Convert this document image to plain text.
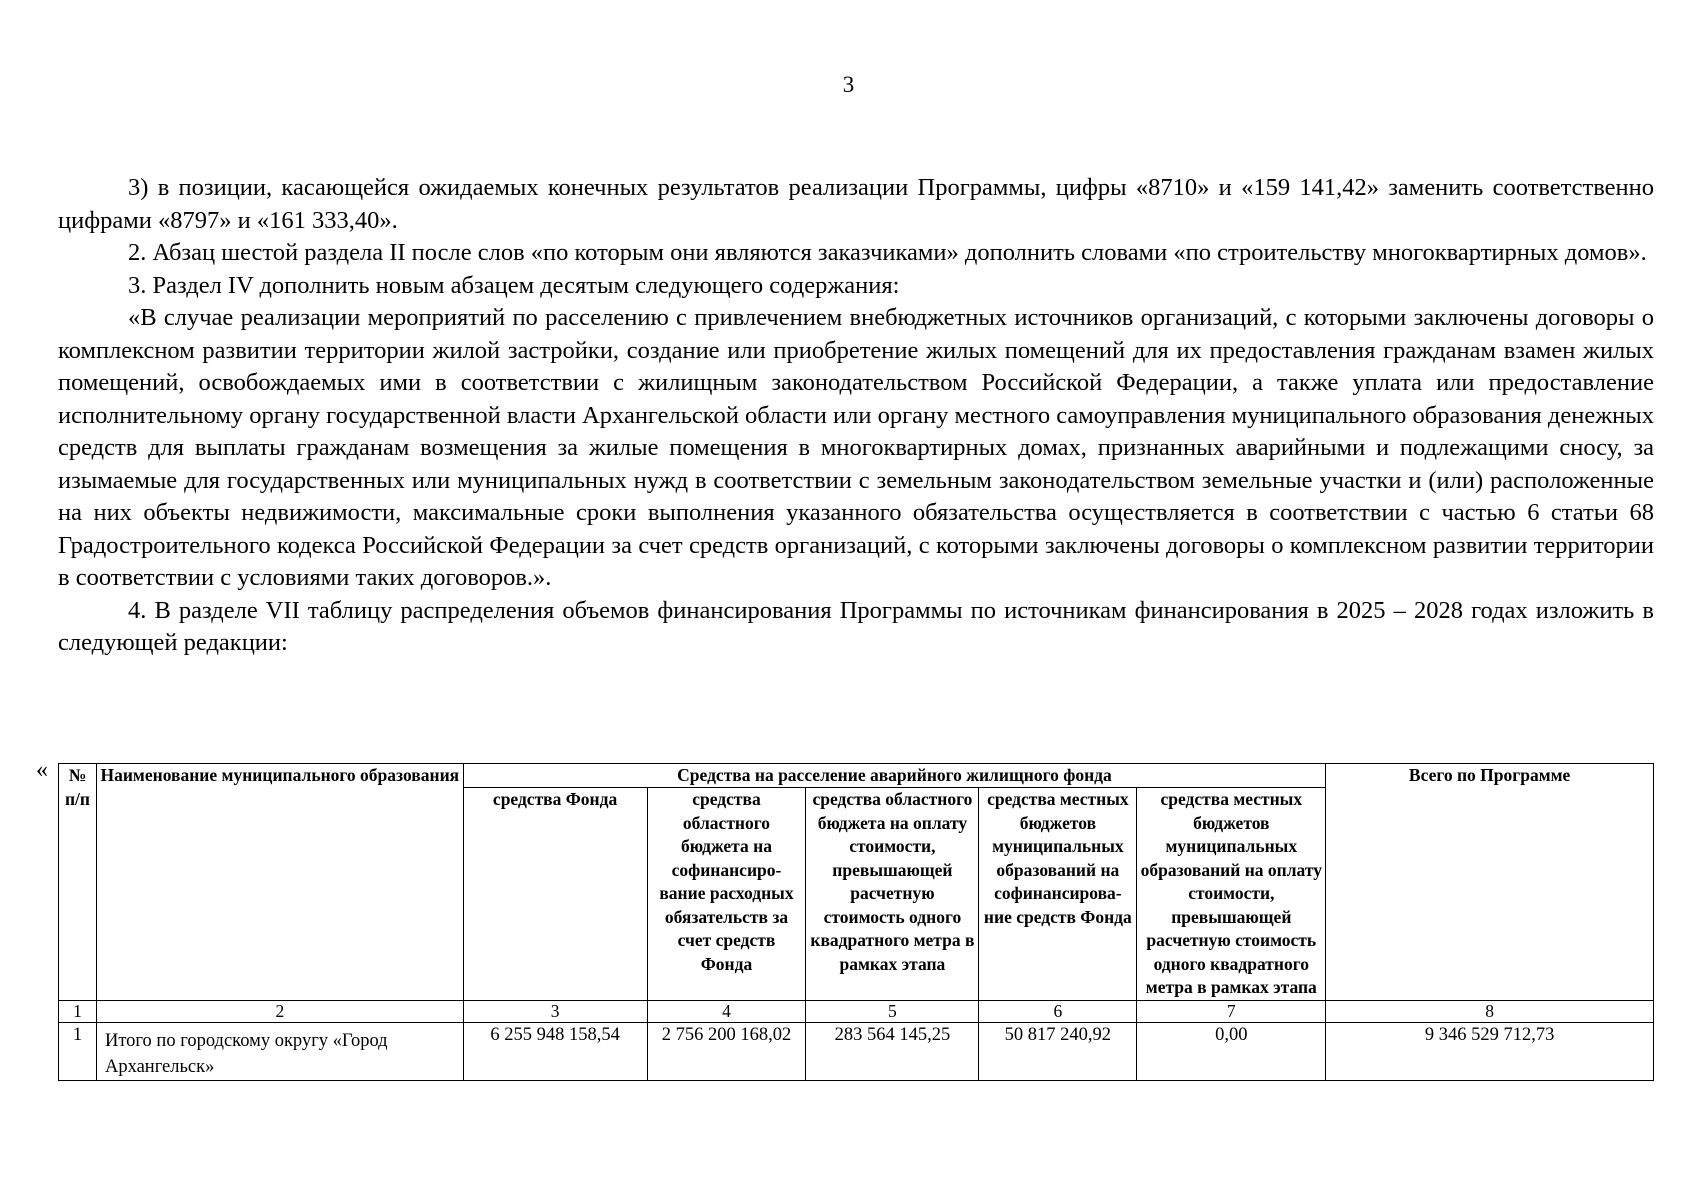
3

3) в позиции, касающейся ожидаемых конечных результатов реализации Программы, цифры «8710» и «159 141,42» заменить соответственно цифрами «8797» и «161 333,40».

2. Абзац шестой раздела II после слов «по которым они являются заказчиками» дополнить словами «по строительству многоквартирных домов».

3. Раздел IV дополнить новым абзацем десятым следующего содержания:

«В случае реализации мероприятий по расселению с привлечением внебюджетных источников организаций, с которыми заключены договоры о комплексном развитии территории жилой застройки, создание или приобретение жилых помещений для их предоставления гражданам взамен жилых помещений, освобождаемых ими в соответствии с жилищным законодательством Российской Федерации, а также уплата или предоставление исполнительному органу государственной власти Архангельской области или органу местного самоуправления муниципального образования денежных средств для выплаты гражданам возмещения за жилые помещения в многоквартирных домах, признанных аварийными и подлежащими сносу, за изымаемые для государственных или муниципальных нужд в соответствии с земельным законодательством земельные участки и (или) расположенные на них объекты недвижимости, максимальные сроки выполнения указанного обязательства осуществляется в соответствии с частью 6 статьи 68 Градостроительного кодекса Российской Федерации за счет средств организаций, с которыми заключены договоры о комплексном развитии территории в соответствии с условиями таких договоров.».

4. В разделе VII таблицу распределения объемов финансирования Программы по источникам финансирования в 2025 – 2028 годах изложить в следующей редакции:

« № п/п	Наименование муниципального образования	Средства на расселение аварийного жилищного фонда					Всего по Программе
		средства Фонда	средства областного бюджета на софинансиро-вание расходных обязательств за счет средств Фонда	средства областного бюджета на оплату стоимости, превышающей расчетную стоимость одного квадратного метра в рамках этапа	средства местных бюджетов муниципальных образований на софинансирова-ние средств Фонда	средства местных бюджетов муниципальных образований на оплату стоимости, превышающей расчетную стоимость одного квадратного метра в рамках этапа	
1	2	3	4	5	6	7	8
1	Итого по городскому округу «Город Архангельск»	6 255 948 158,54	2 756 200 168,02	283 564 145,25	50 817 240,92	0,00	9 346 529 712,73
